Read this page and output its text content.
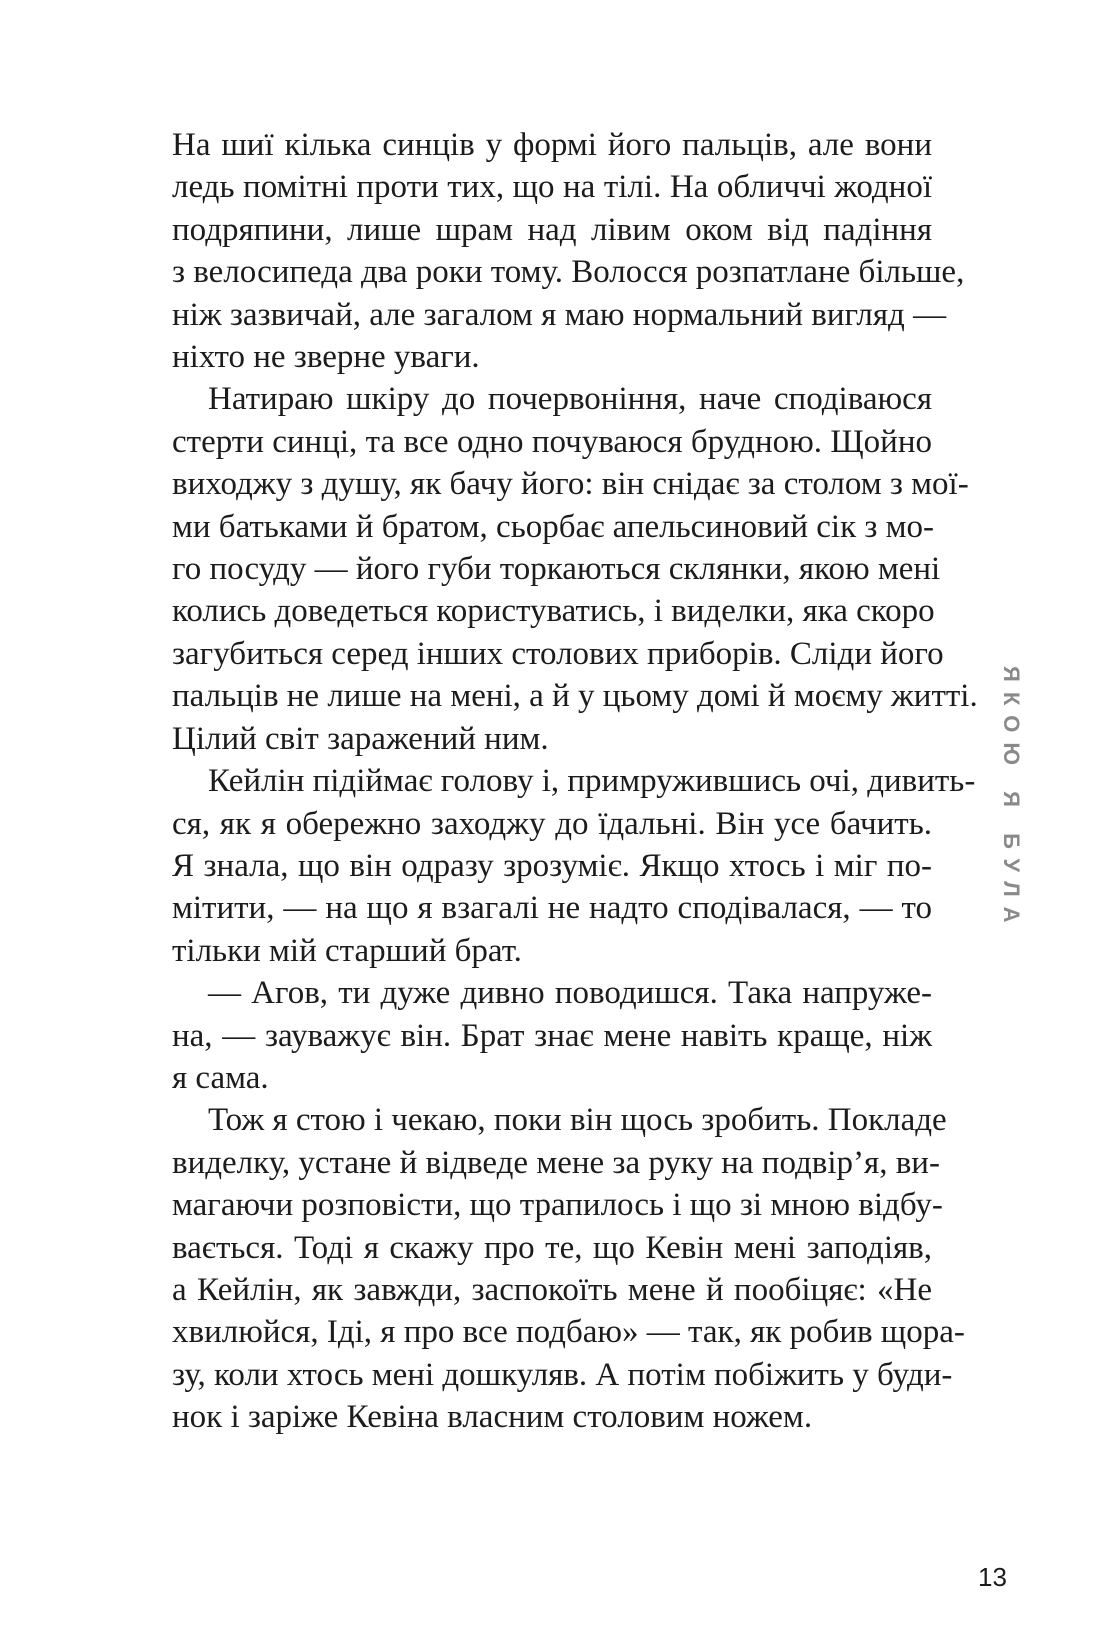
На шиї кілька синців у формі його пальців, але вони
ледь помітні проти тих, що на тілі. На обличчі жодної
подряпини, лише шрам над лівим оком від падіння
з велосипеда два роки тому. Волосся розпатлане більше,
ніж зазвичай, але загалом я маю нормальний вигляд —
ніхто не зверне уваги.

Натираю шкіру до почервоніння, наче сподіваюся
стерти синці, та все одно почуваюся брудною. Щойно
виходжу з душу, як бачу його: він снідає за столом з мої-
ми батьками й братом, сьорбає апельсиновий сік з мо-
го посуду — його губи торкаються склянки, якою мені
колись доведеться користуватись, і виделки, яка скоро
загубиться серед інших столових приборів. Сліди його
пальців не лише на мені, а й у цьому домі й моєму житті.
Цілий світ заражений ним.

Кейлін підіймає голову і, примружившись очі, дивить-
ся, як я обережно заходжу до їдальні. Він усе бачить.
Я знала, що він одразу зрозуміє. Якщо хтось і міг по-
мітити, — на що я взагалі не надто сподівалася, — то
тільки мій старший брат.

— Агов, ти дуже дивно поводишся. Така напруже-
на, — зауважує він. Брат знає мене навіть краще, ніж
я сама.

Тож я стою і чекаю, поки він щось зробить. Покладе
виделку, устане й відведе мене за руку на подвір’я, ви-
магаючи розповісти, що трапилось і що зі мною відбу-
вається. Тоді я скажу про те, що Кевін мені заподіяв,
а Кейлін, як завжди, заспокоїть мене й пообіцяє: «Не
хвилюйся, Іді, я про все подбаю» — так, як робив щора-
зу, коли хтось мені дошкуляв. А потім побіжить у буди-
нок і заріже Кевіна власним столовим ножем.

ЯКОЮ Я БУЛА
13
